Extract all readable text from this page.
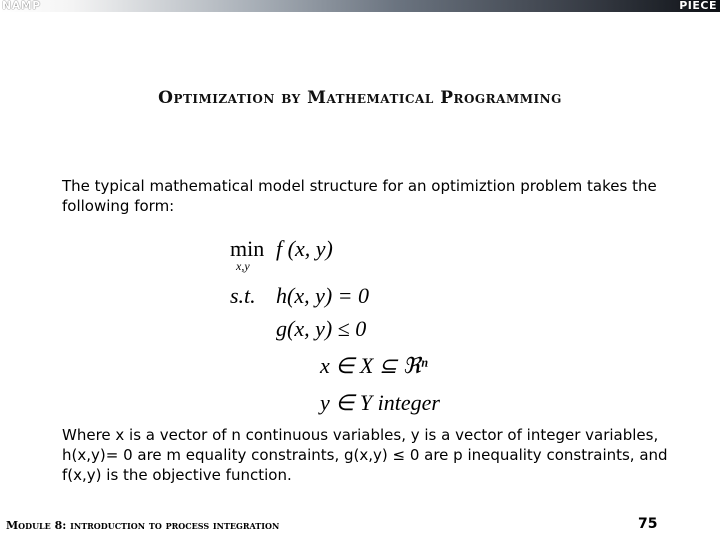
NAMP	PIECE
Optimization by Mathematical Programming
The typical mathematical model structure for an optimiztion problem takes the following form:
min
x,y
f (x, y)
s.t. h(x, y) = 0
g(x, y) ≤ 0
x ∈ X ⊆ ℜⁿ
y ∈ Y integer
Where x is a vector of n continuous variables, y is a vector of integer variables, h(x,y)= 0 are m equality constraints, g(x,y) ≤ 0 are p inequality constraints, and f(x,y) is the objective function.
Module 8: introduction to process integration	75
